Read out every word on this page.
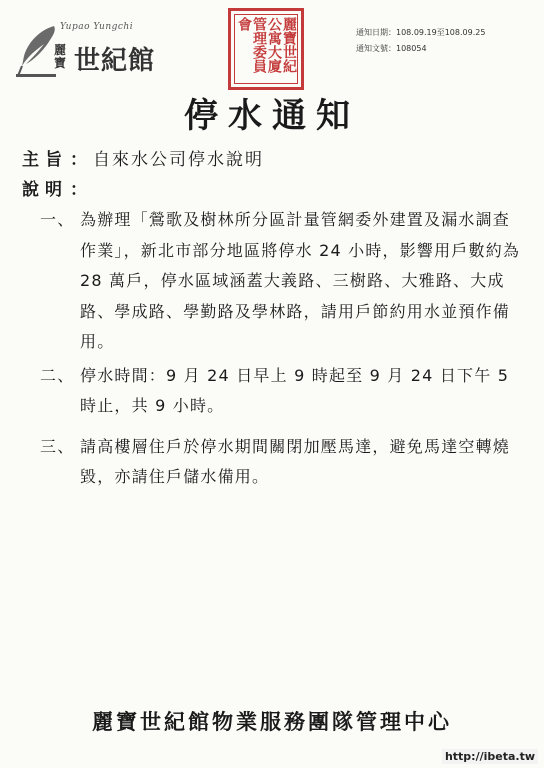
Yupao Yungchi
麗寶 世紀館	麗寶世紀
公寓大廈
管理委員會
通知日期：108.09.19至108.09.25
通知文號：108054
停水通知
主旨 ： 自來水公司停水說明
說明 ：
一、 為辦理「鶯歌及樹林所分區計量管網委外建置及漏水調查作業」，新北市部分地區將停水 24 小時，影響用戶數約為 28 萬戶，停水區域涵蓋大義路、三樹路、大雅路、大成路、學成路、學勤路及學林路，請用戶節約用水並預作備用。
二、 停水時間：9 月 24 日早上 9 時起至 9 月 24 日下午 5 時止，共 9 小時。
三、 請高樓層住戶於停水期間關閉加壓馬達，避免馬達空轉燒毀，亦請住戶儲水備用。
麗寶世紀館物業服務團隊管理中心
http://ibeta.tw
